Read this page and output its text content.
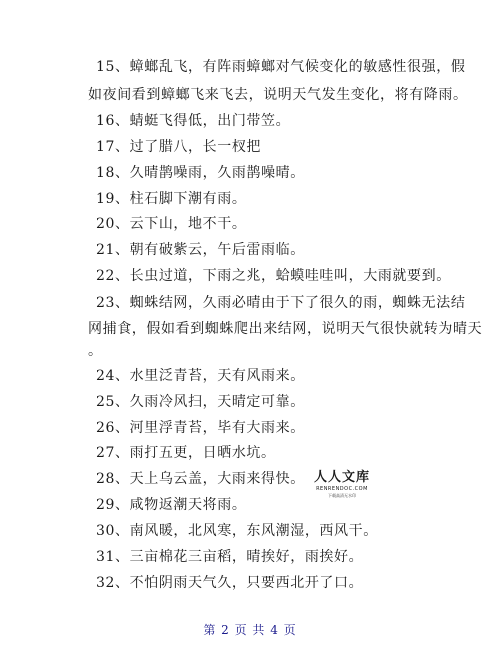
15、蟑螂乱飞，有阵雨蟑螂对气候变化的敏感性很强，假
如夜间看到蟑螂飞来飞去，说明天气发生变化，将有降雨。
16、蜻蜓飞得低，出门带笠。
17、过了腊八，长一杈把
18、久晴鹊噪雨，久雨鹊噪晴。
19、柱石脚下潮有雨。
20、云下山，地不干。
21、朝有破紫云，午后雷雨临。
22、长虫过道，下雨之兆，蛤蟆哇哇叫，大雨就要到。
23、蜘蛛结网，久雨必晴由于下了很久的雨，蜘蛛无法结
网捕食，假如看到蜘蛛爬出来结网，说明天气很快就转为晴天
。
24、水里泛青苔，天有风雨来。
25、久雨冷风扫，天晴定可靠。
26、河里浮青苔，毕有大雨来。
27、雨打五更，日晒水坑。
28、天上乌云盖，大雨来得快。
29、咸物返潮天将雨。
30、南风暖，北风寒，东风潮湿，西风干。
31、三亩棉花三亩稻，晴挨好，雨挨好。
32、不怕阴雨天气久，只要西北开了口。
人人文库
RENRENDOC.COM
下载高清无水印
第 2 页 共 4 页
